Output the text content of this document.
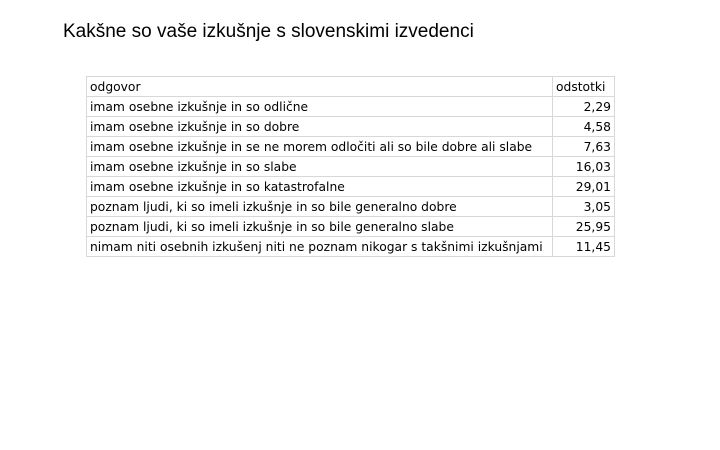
Kakšne so vaše izkušnje s slovenskimi izvedenci
odgovor	odstotki
imam osebne izkušnje in so odlične	2,29
imam osebne izkušnje in so dobre	4,58
imam osebne izkušnje in se ne morem odločiti ali so bile dobre ali slabe	7,63
imam osebne izkušnje in so slabe	16,03
imam osebne izkušnje in so katastrofalne	29,01
poznam ljudi, ki so imeli izkušnje in so bile generalno dobre	3,05
poznam ljudi, ki so imeli izkušnje in so bile generalno slabe	25,95
nimam niti osebnih izkušenj niti ne poznam nikogar s takšnimi izkušnjami	11,45
